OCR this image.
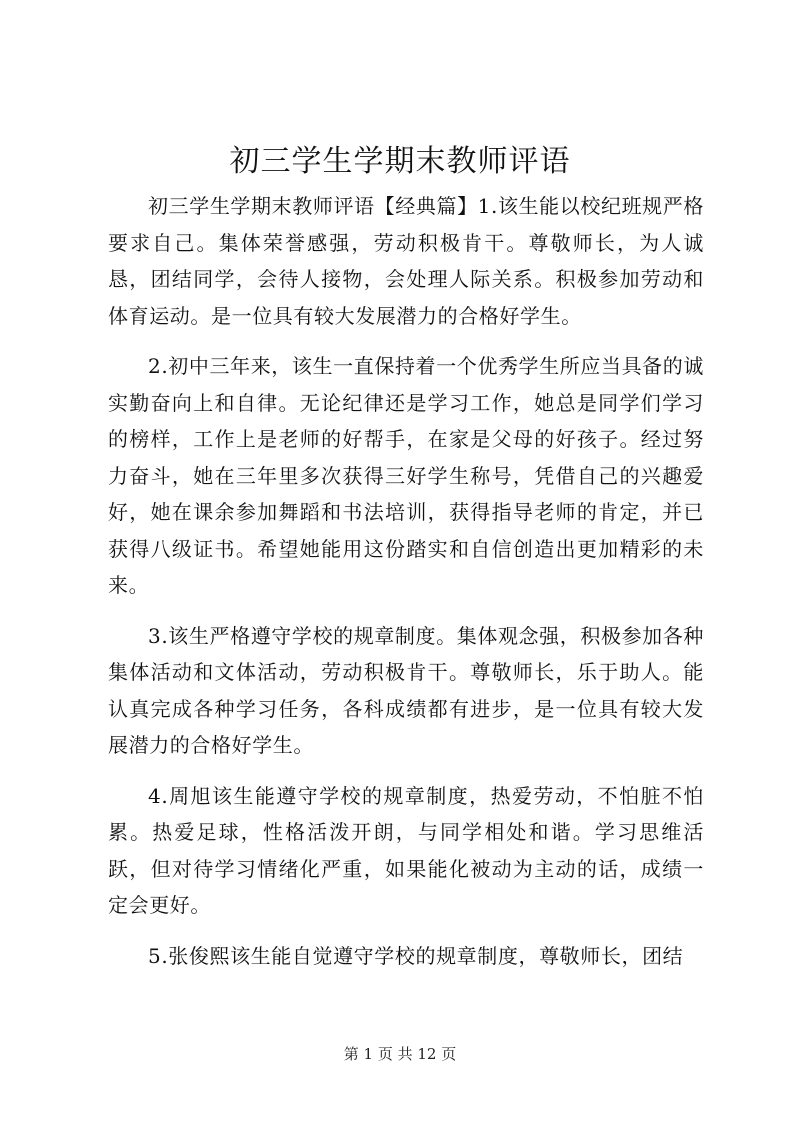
初三学生学期末教师评语

初三学生学期末教师评语【经典篇】1.该生能以校纪班规严格要求自己。集体荣誉感强，劳动积极肯干。尊敬师长，为人诚恳，团结同学，会待人接物，会处理人际关系。积极参加劳动和体育运动。是一位具有较大发展潜力的合格好学生。

2.初中三年来，该生一直保持着一个优秀学生所应当具备的诚实勤奋向上和自律。无论纪律还是学习工作，她总是同学们学习的榜样，工作上是老师的好帮手，在家是父母的好孩子。经过努力奋斗，她在三年里多次获得三好学生称号，凭借自己的兴趣爱好，她在课余参加舞蹈和书法培训，获得指导老师的肯定，并已获得八级证书。希望她能用这份踏实和自信创造出更加精彩的未来。

3.该生严格遵守学校的规章制度。集体观念强，积极参加各种集体活动和文体活动，劳动积极肯干。尊敬师长，乐于助人。能认真完成各种学习任务，各科成绩都有进步，是一位具有较大发展潜力的合格好学生。

4.周旭该生能遵守学校的规章制度，热爱劳动，不怕脏不怕累。热爱足球，性格活泼开朗，与同学相处和谐。学习思维活跃，但对待学习情绪化严重，如果能化被动为主动的话，成绩一定会更好。

5.张俊熙该生能自觉遵守学校的规章制度，尊敬师长，团结

第 1 页 共 12 页
